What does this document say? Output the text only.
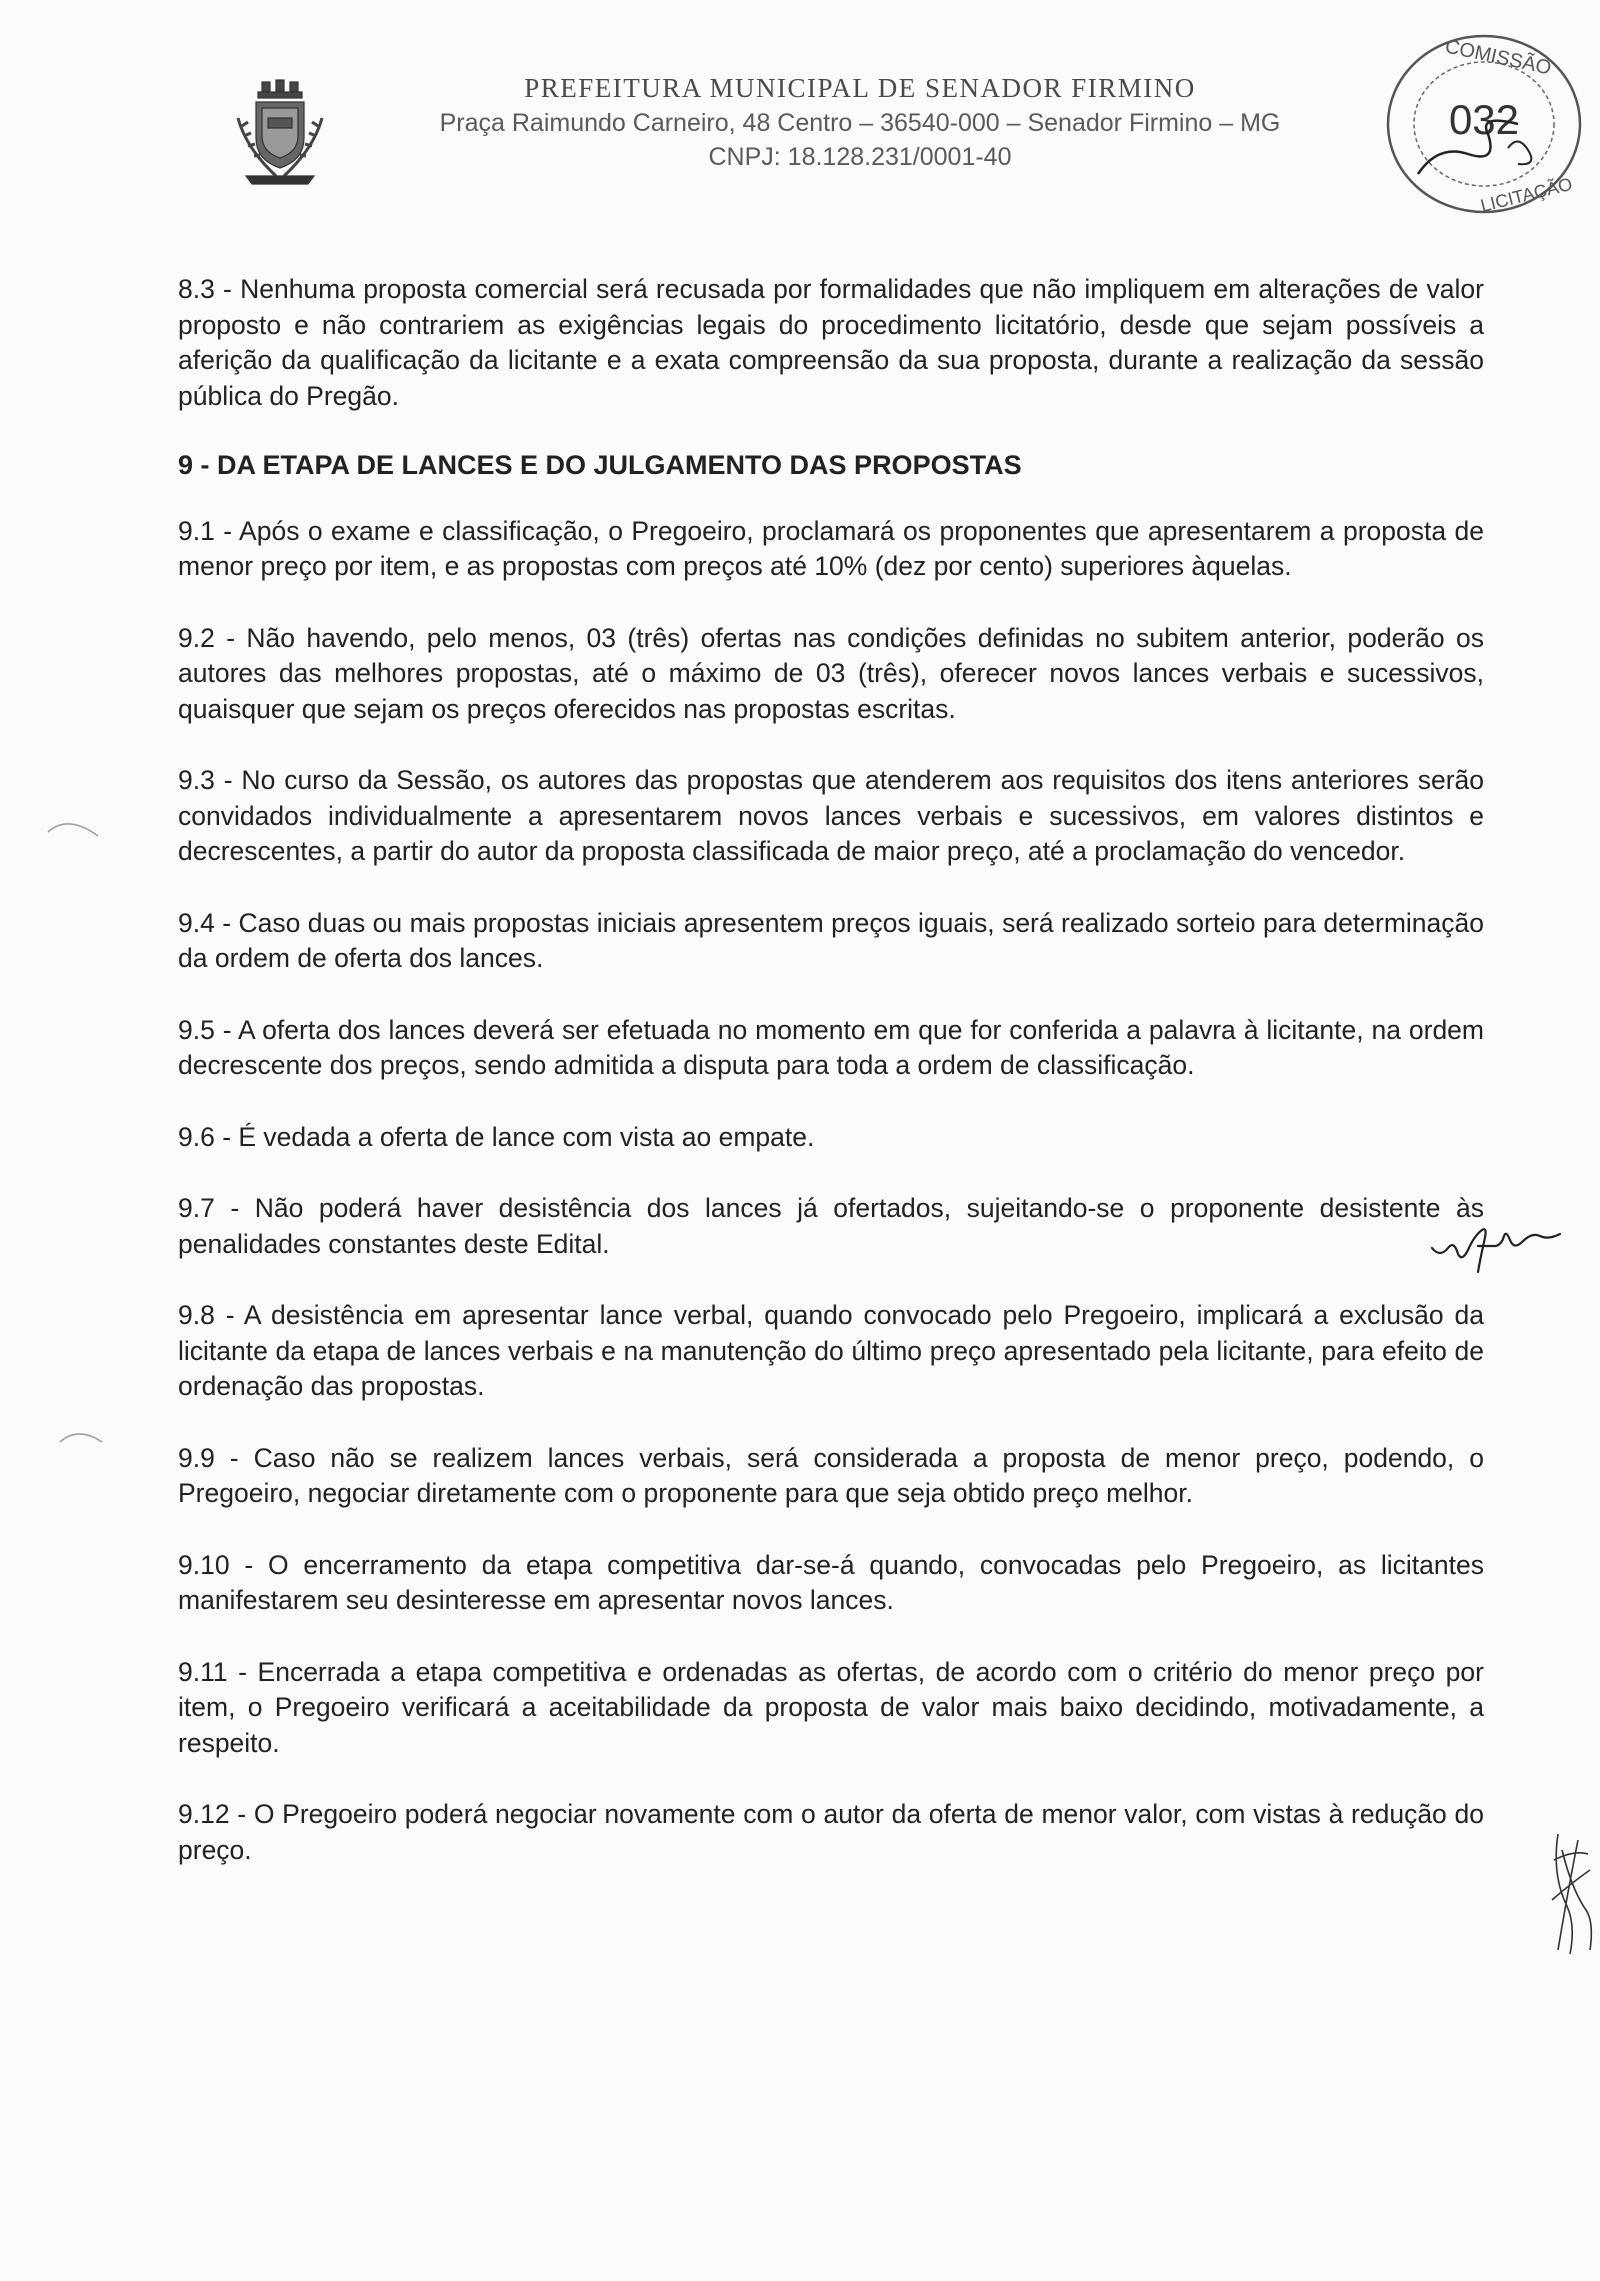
PREFEITURA MUNICIPAL DE SENADOR FIRMINO
Praça Raimundo Carneiro, 48 Centro – 36540-000 – Senador Firmino – MG
CNPJ: 18.128.231/0001-40
COMISSÃO
LICITAÇÃO
032

8.3 - Nenhuma proposta comercial será recusada por formalidades que não impliquem em alterações de valor proposto e não contrariem as exigências legais do procedimento licitatório, desde que sejam possíveis a aferição da qualificação da licitante e a exata compreensão da sua proposta, durante a realização da sessão pública do Pregão.

9 - DA ETAPA DE LANCES E DO JULGAMENTO DAS PROPOSTAS

9.1 - Após o exame e classificação, o Pregoeiro, proclamará os proponentes que apresentarem a proposta de menor preço por item, e as propostas com preços até 10% (dez por cento) superiores àquelas.

9.2 - Não havendo, pelo menos, 03 (três) ofertas nas condições definidas no subitem anterior, poderão os autores das melhores propostas, até o máximo de 03 (três), oferecer novos lances verbais e sucessivos, quaisquer que sejam os preços oferecidos nas propostas escritas.

9.3 - No curso da Sessão, os autores das propostas que atenderem aos requisitos dos itens anteriores serão convidados individualmente a apresentarem novos lances verbais e sucessivos, em valores distintos e decrescentes, a partir do autor da proposta classificada de maior preço, até a proclamação do vencedor.

9.4 - Caso duas ou mais propostas iniciais apresentem preços iguais, será realizado sorteio para determinação da ordem de oferta dos lances.

9.5 - A oferta dos lances deverá ser efetuada no momento em que for conferida a palavra à licitante, na ordem decrescente dos preços, sendo admitida a disputa para toda a ordem de classificação.

9.6 - É vedada a oferta de lance com vista ao empate.

9.7 - Não poderá haver desistência dos lances já ofertados, sujeitando-se o proponente desistente às penalidades constantes deste Edital.

9.8 - A desistência em apresentar lance verbal, quando convocado pelo Pregoeiro, implicará a exclusão da licitante da etapa de lances verbais e na manutenção do último preço apresentado pela licitante, para efeito de ordenação das propostas.

9.9 - Caso não se realizem lances verbais, será considerada a proposta de menor preço, podendo, o Pregoeiro, negociar diretamente com o proponente para que seja obtido preço melhor.

9.10 - O encerramento da etapa competitiva dar-se-á quando, convocadas pelo Pregoeiro, as licitantes manifestarem seu desinteresse em apresentar novos lances.

9.11 - Encerrada a etapa competitiva e ordenadas as ofertas, de acordo com o critério do menor preço por item, o Pregoeiro verificará a aceitabilidade da proposta de valor mais baixo decidindo, motivadamente, a respeito.

9.12 - O Pregoeiro poderá negociar novamente com o autor da oferta de menor valor, com vistas à redução do preço.
